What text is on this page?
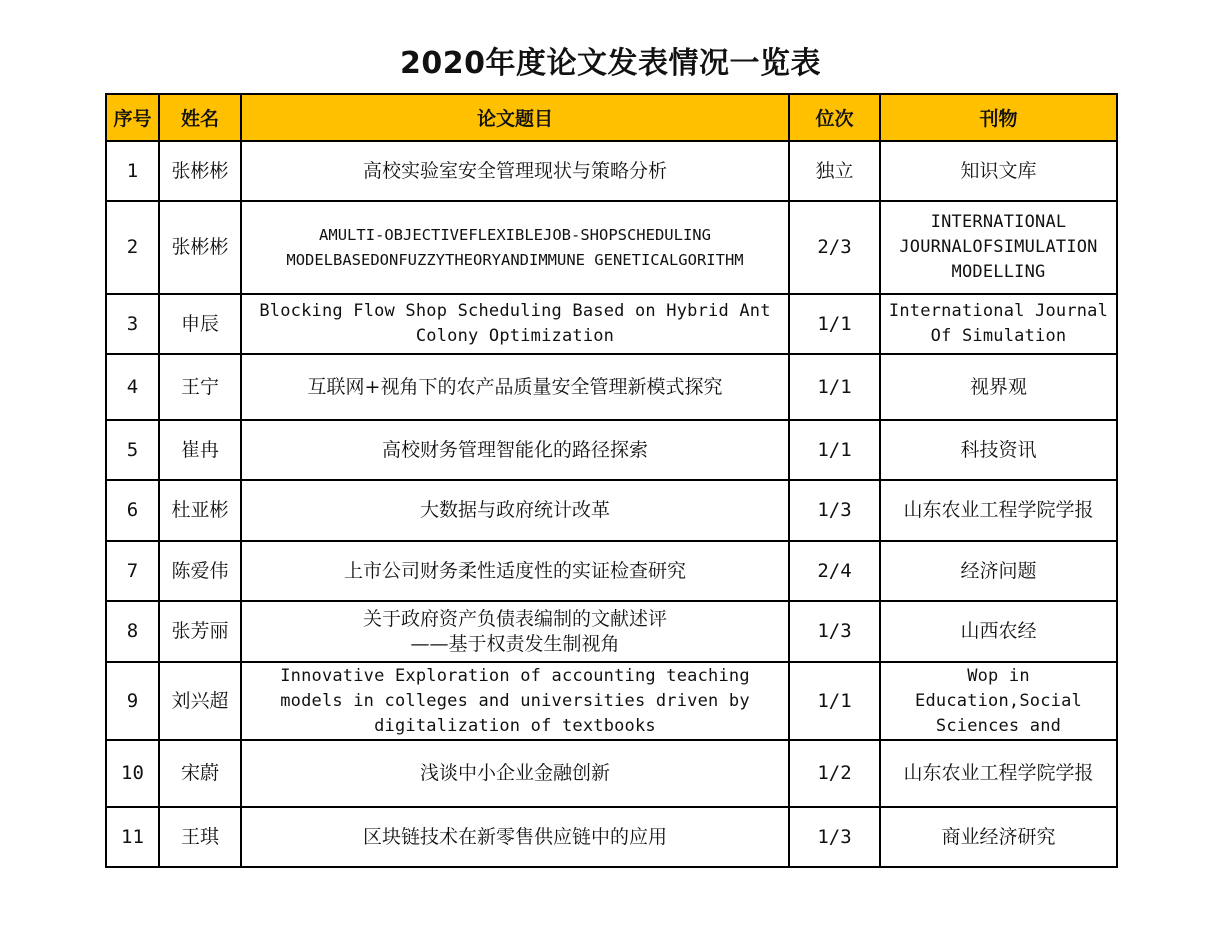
2020年度论文发表情况一览表
序号	姓名	论文题目	位次	刊物
1	张彬彬	高校实验室安全管理现状与策略分析	独立	知识文库

2	张彬彬	AMULTI-OBJECTIVEFLEXIBLEJOB-SHOPSCHEDULING
MODELBASEDONFUZZYTHEORYANDIMMUNE GENETICALGORITHM	2/3	INTERNATIONAL
JOURNALOFSIMULATION
MODELLING

3	申辰	Blocking Flow Shop Scheduling Based on Hybrid Ant
Colony Optimization	1/1	International Journal
Of Simulation

4	王宁	互联网+视角下的农产品质量安全管理新模式探究	1/1	视界观

5	崔冉	高校财务管理智能化的路径探索	1/1	科技资讯

6	杜亚彬	大数据与政府统计改革	1/3	山东农业工程学院学报

7	陈爱伟	上市公司财务柔性适度性的实证检查研究	2/4	经济问题

8	张芳丽	关于政府资产负债表编制的文献述评
——基于权责发生制视角	1/3	山西农经

9	刘兴超	Innovative Exploration of accounting teaching
models in colleges and universities driven by
digitalization of textbooks	1/1	Wop in
Education,Social
Sciences and

10	宋蔚	浅谈中小企业金融创新	1/2	山东农业工程学院学报

11	王琪	区块链技术在新零售供应链中的应用	1/3	商业经济研究
